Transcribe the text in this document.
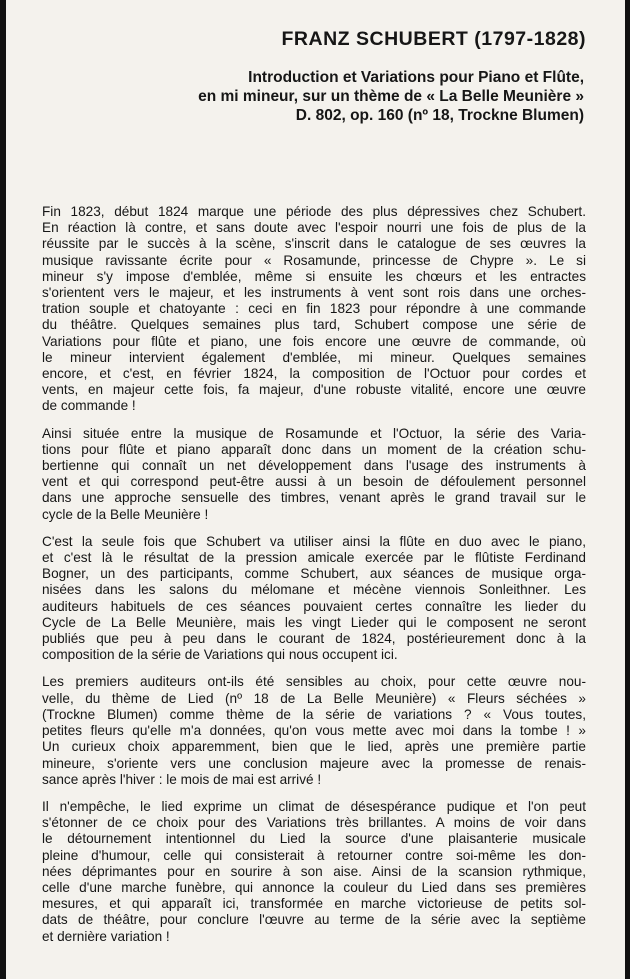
FRANZ SCHUBERT (1797-1828)
Introduction et Variations pour Piano et Flûte,
en mi mineur, sur un thème de « La Belle Meunière »
D. 802, op. 160 (nº 18, Trockne Blumen)
Fin 1823, début 1824 marque une période des plus dépressives chez Schubert.
En réaction là contre, et sans doute avec l'espoir nourri une fois de plus de la
réussite par le succès à la scène, s'inscrit dans le catalogue de ses œuvres la
musique ravissante écrite pour « Rosamunde, princesse de Chypre ». Le si
mineur s'y impose d'emblée, même si ensuite les chœurs et les entractes
s'orientent vers le majeur, et les instruments à vent sont rois dans une orches-
tration souple et chatoyante : ceci en fin 1823 pour répondre à une commande
du théâtre. Quelques semaines plus tard, Schubert compose une série de
Variations pour flûte et piano, une fois encore une œuvre de commande, où
le mineur intervient également d'emblée, mi mineur. Quelques semaines
encore, et c'est, en février 1824, la composition de l'Octuor pour cordes et
vents, en majeur cette fois, fa majeur, d'une robuste vitalité, encore une œuvre
de commande !
Ainsi située entre la musique de Rosamunde et l'Octuor, la série des Varia-
tions pour flûte et piano apparaît donc dans un moment de la création schu-
bertienne qui connaît un net développement dans l'usage des instruments à
vent et qui correspond peut-être aussi à un besoin de défoulement personnel
dans une approche sensuelle des timbres, venant après le grand travail sur le
cycle de la Belle Meunière !
C'est la seule fois que Schubert va utiliser ainsi la flûte en duo avec le piano,
et c'est là le résultat de la pression amicale exercée par le flûtiste Ferdinand
Bogner, un des participants, comme Schubert, aux séances de musique orga-
nisées dans les salons du mélomane et mécène viennois Sonleithner. Les
auditeurs habituels de ces séances pouvaient certes connaître les lieder du
Cycle de La Belle Meunière, mais les vingt Lieder qui le composent ne seront
publiés que peu à peu dans le courant de 1824, postérieurement donc à la
composition de la série de Variations qui nous occupent ici.
Les premiers auditeurs ont-ils été sensibles au choix, pour cette œuvre nou-
velle, du thème de Lied (nº 18 de La Belle Meunière) « Fleurs séchées »
(Trockne Blumen) comme thème de la série de variations ? « Vous toutes,
petites fleurs qu'elle m'a données, qu'on vous mette avec moi dans la tombe ! »
Un curieux choix apparemment, bien que le lied, après une première partie
mineure, s'oriente vers une conclusion majeure avec la promesse de renais-
sance après l'hiver : le mois de mai est arrivé !
Il n'empêche, le lied exprime un climat de désespérance pudique et l'on peut
s'étonner de ce choix pour des Variations très brillantes. A moins de voir dans
le détournement intentionnel du Lied la source d'une plaisanterie musicale
pleine d'humour, celle qui consisterait à retourner contre soi-même les don-
nées déprimantes pour en sourire à son aise. Ainsi de la scansion rythmique,
celle d'une marche funèbre, qui annonce la couleur du Lied dans ses premières
mesures, et qui apparaît ici, transformée en marche victorieuse de petits sol-
dats de théâtre, pour conclure l'œuvre au terme de la série avec la septième
et dernière variation !
